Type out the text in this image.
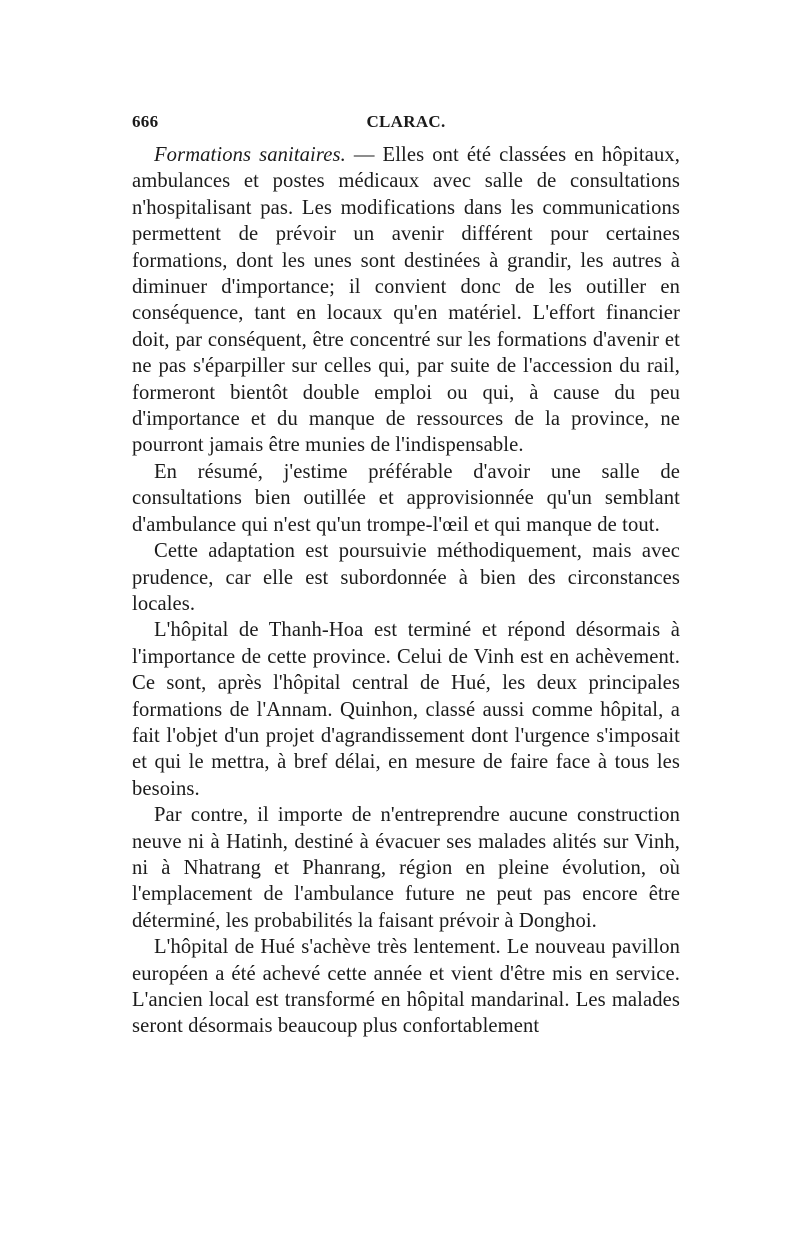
666	CLARAC.

Formations sanitaires. — Elles ont été classées en hôpitaux, ambulances et postes médicaux avec salle de consultations n'hospitalisant pas. Les modifications dans les communications permettent de prévoir un avenir différent pour certaines formations, dont les unes sont destinées à grandir, les autres à diminuer d'importance; il convient donc de les outiller en conséquence, tant en locaux qu'en matériel. L'effort financier doit, par conséquent, être concentré sur les formations d'avenir et ne pas s'éparpiller sur celles qui, par suite de l'accession du rail, formeront bientôt double emploi ou qui, à cause du peu d'importance et du manque de ressources de la province, ne pourront jamais être munies de l'indispensable.

En résumé, j'estime préférable d'avoir une salle de consultations bien outillée et approvisionnée qu'un semblant d'ambulance qui n'est qu'un trompe-l'œil et qui manque de tout.

Cette adaptation est poursuivie méthodiquement, mais avec prudence, car elle est subordonnée à bien des circonstances locales.

L'hôpital de Thanh-Hoa est terminé et répond désormais à l'importance de cette province. Celui de Vinh est en achèvement. Ce sont, après l'hôpital central de Hué, les deux principales formations de l'Annam. Quinhon, classé aussi comme hôpital, a fait l'objet d'un projet d'agrandissement dont l'urgence s'imposait et qui le mettra, à bref délai, en mesure de faire face à tous les besoins.

Par contre, il importe de n'entreprendre aucune construction neuve ni à Hatinh, destiné à évacuer ses malades alités sur Vinh, ni à Nhatrang et Phanrang, région en pleine évolution, où l'emplacement de l'ambulance future ne peut pas encore être déterminé, les probabilités la faisant prévoir à Donghoi.

L'hôpital de Hué s'achève très lentement. Le nouveau pavillon européen a été achevé cette année et vient d'être mis en service. L'ancien local est transformé en hôpital mandarinal. Les malades seront désormais beaucoup plus confortablement
